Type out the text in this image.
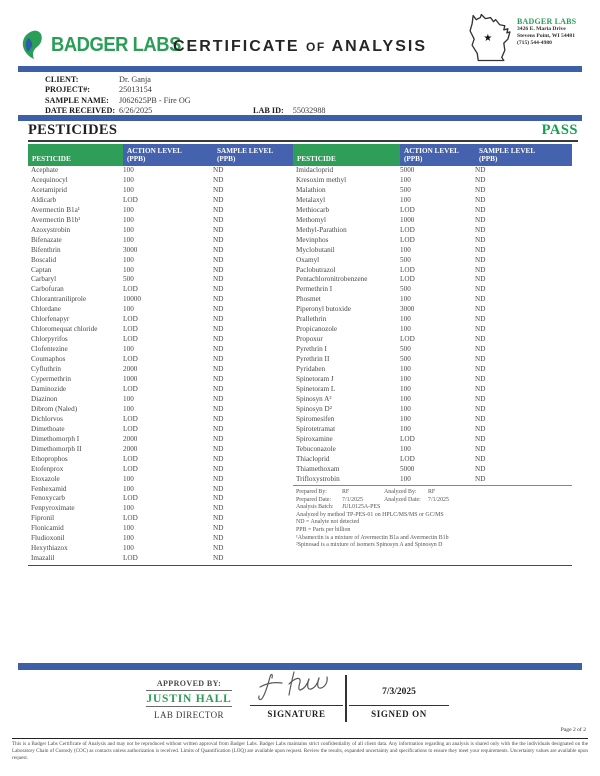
BADGER LABS
CERTIFICATE OF ANALYSIS	★
BADGER LABS
3426 E. Maria Drive
Stevens Point, WI 54481
(715) 544-4980
CLIENT:	Dr. Ganja
PROJECT#:	25013154
SAMPLE NAME: J062625PB - Fire OG
DATE RECEIVED: 6/26/2025	LAB ID: 55032988
PESTICIDES	PASS
PESTICIDE
ACTION LEVEL
(PPB)
SAMPLE LEVEL
(PPB)	PESTICIDE
ACTION LEVEL
(PPB)
SAMPLE LEVEL
(PPB)
Acephate	100	ND
Acequinocyl	100	ND
Acetamiprid	100	ND
Aldicarb	LOD	ND
Avermectin B1a¹	100	ND
Avermectin B1b¹	100	ND
Azoxystrobin	100	ND
Bifenazate	100	ND
Bifenthrin	3000	ND
Boscalid	100	ND
Captan	100	ND
Carbaryl	500	ND
Carbofuran	LOD	ND
Chlorantraniliprole	10000	ND
Chlordane	100	ND
Chlorfenapyr	LOD	ND
Chloromequat chloride	LOD	ND
Chlorpyrifos	LOD	ND
Clofentezine	100	ND
Coumaphos	LOD	ND
Cyfluthrin	2000	ND
Cypermethrin	1000	ND
Daminozide	LOD	ND
Diazinon	100	ND
Dibrom (Naled)	100	ND
Dichlorvos	LOD	ND
Dimethoate	LOD	ND
Dimethomorph I	2000	ND
Dimethomorph II	2000	ND
Ethoprophos	LOD	ND
Etofenprox	LOD	ND
Etoxazole	100	ND
Fenhexamid	100	ND
Fenoxycarb	LOD	ND
Fenpyroximate	100	ND
Fipronil	LOD	ND
Flonicamid	100	ND
Fludioxonil	100	ND
Hexythiazox	100	ND
Imazalil	LOD	ND
Imidacloprid	5000	ND
Kresoxim methyl	100	ND
Malathion	500	ND
Metalaxyl	100	ND
Methiocarb	LOD	ND
Methomyl	1000	ND
Methyl-Parathion	LOD	ND
Mevinphos	LOD	ND
Myclobutanil	100	ND
Oxamyl	500	ND
Paclobutrazol	LOD	ND
Pentachloronitrobenzene	LOD	ND
Permethrin I	500	ND
Phosmet	100	ND
Piperonyl butoxide	3000	ND
Prallethrin	100	ND
Propicanozole	100	ND
Propoxur	LOD	ND
Pyrethrin I	500	ND
Pyrethrin II	500	ND
Pyridaben	100	ND
Spinetoram J	100	ND
Spinetoram L	100	ND
Spinosyn A²	100	ND
Spinosyn D²	100	ND
Spiromesifen	100	ND
Spirotetramat	100	ND
Spiroxamine	LOD	ND
Tebuconazole	100	ND
Thiacloprid	LOD	ND
Thiamethoxam	5000	ND
Trifloxystrobin	100	ND
Prepared By:	RF	Analyzed By:	RF
Prepared Date:	7/1/2025	Analyzed Date:	7/1/2025
Analysis Batch:	JUL0125A-PES
Analyzed by method TP-PES-01 on HPLC/MS/MS or GC/MS
ND = Analyte not detected
PPB = Parts per billion
¹Abamectin is a mixture of Avermectin B1a and Avermectin B1b
²Spinosad is a mixture of isomers Spinosyn A and Spinosyn D
APPROVED BY:
JUSTIN HALL
LAB DIRECTOR	SIGNATURE
7/3/2025
SIGNED ON
Page 2 of 2
This is a Badger Labs Certificate of Analysis and may not be reproduced without written approval from Badger Labs. Badger Labs maintains strict confidentiality of all client data. Any information regarding an analysis is shared only with the the individuals designated on the Laboratory Chain of Custody (COC) as contacts unless authorization is received. Limits of Quantification (LOQ) are available upon request. Review the results, expanded uncertainty and specifications to ensure they meet your requirements. Uncertainty values are available upon request.
